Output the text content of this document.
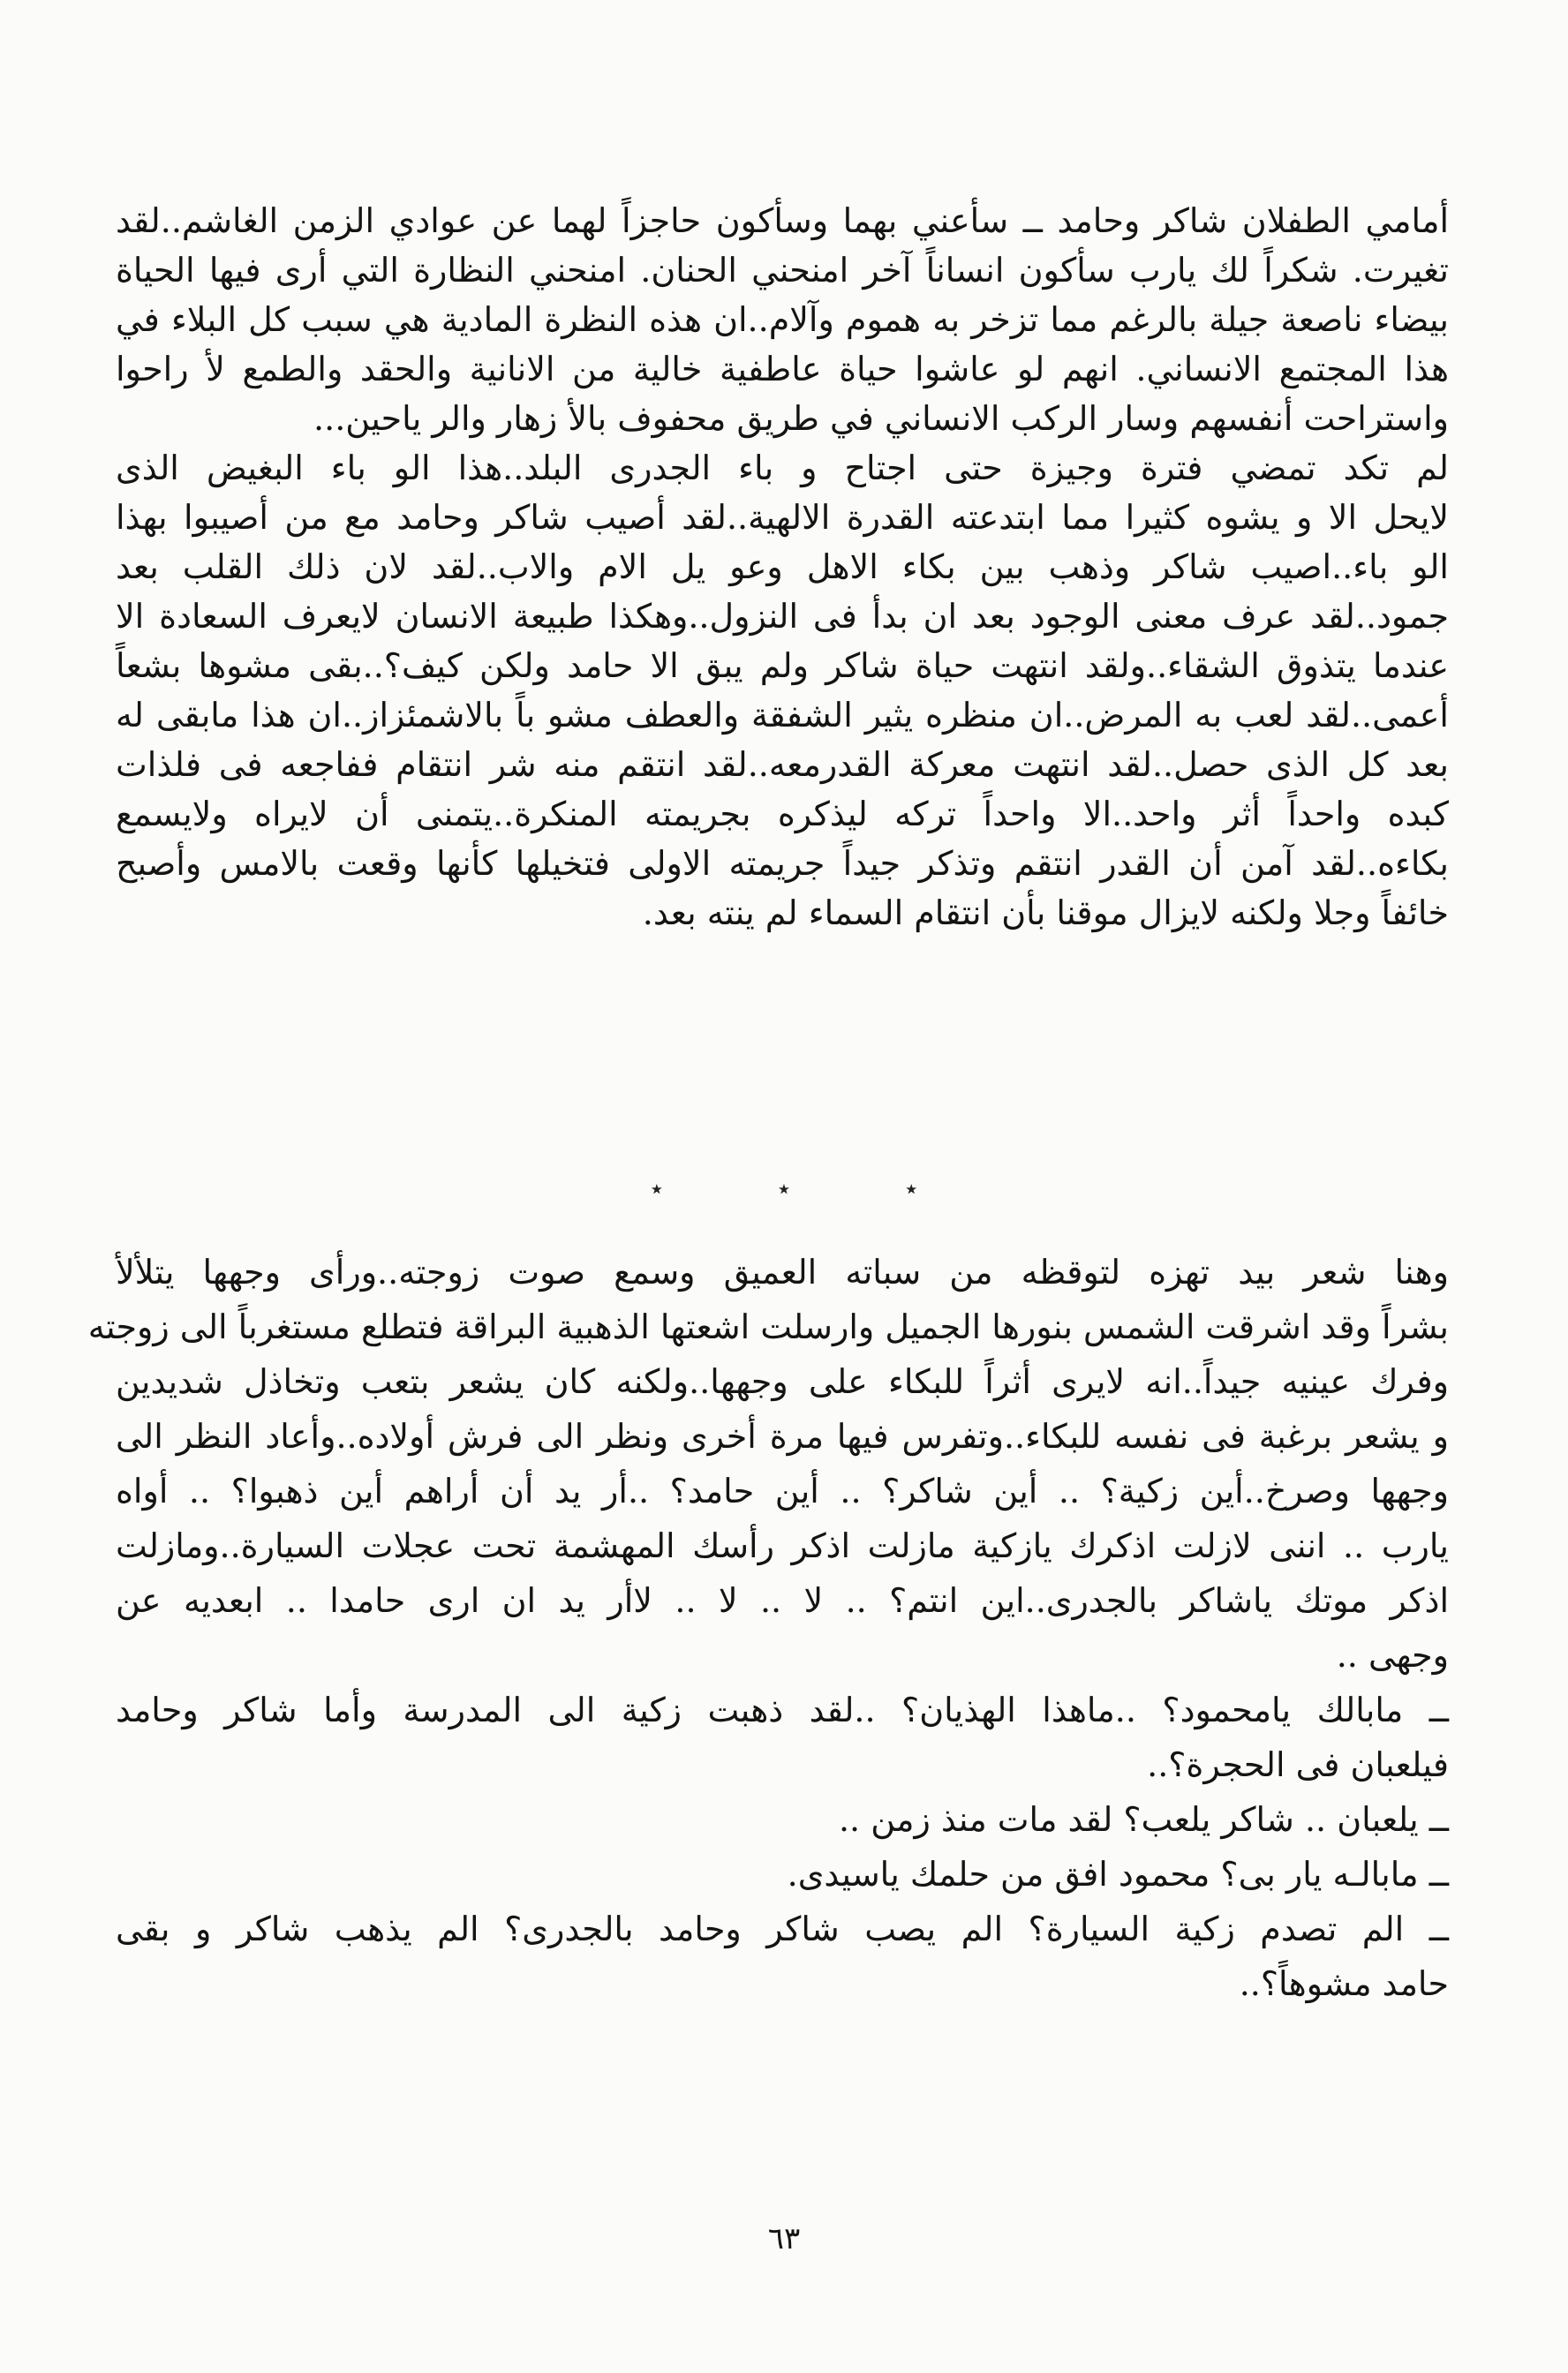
أمامي الطفلان شاكر وحامد ــ سأعني بهما وسأكون حاجزاً لهما عن عوادي الزمن الغاشم..لقد
تغيرت. شكراً لك يارب سأكون انساناً آخر امنحني الحنان. امنحني النظارة التي أرى فيها الحياة
بيضاء ناصعة جيلة بالرغم مما تزخر به هموم وآلام..ان هذه النظرة المادية هي سبب كل البلاء في
هذا المجتمع الانساني. انهم لو عاشوا حياة عاطفية خالية من الانانية والحقد والطمع لأ راحوا
واستراحت أنفسهم وسار الركب الانساني في طريق محفوف بالأ زهار والر ياحين...
لم تكد تمضي فترة وجيزة حتى اجتاح و باء الجدرى البلد..هذا الو باء البغيض الذى
لايحل الا و يشوه كثيرا مما ابتدعته القدرة الالهية..لقد أصيب شاكر وحامد مع من أصيبوا بهذا
الو باء..اصيب شاكر وذهب بين بكاء الاهل وعو يل الام والاب..لقد لان ذلك القلب بعد
جمود..لقد عرف معنى الوجود بعد ان بدأ فى النزول..وهكذا طبيعة الانسان لايعرف السعادة الا
عندما يتذوق الشقاء..ولقد انتهت حياة شاكر ولم يبق الا حامد ولكن كيف؟..بقى مشوها بشعاً
أعمى..لقد لعب به المرض..ان منظره يثير الشفقة والعطف مشو باً بالاشمئزاز..ان هذا مابقى له
بعد كل الذى حصل..لقد انتهت معركة القدرمعه..لقد انتقم منه شر انتقام ففاجعه فى فلذات
كبده واحداً أثر واحد..الا واحداً تركه ليذكره بجريمته المنكرة..يتمنى أن لايراه ولايسمع
بكاءه..لقد آمن أن القدر انتقم وتذكر جيداً جريمته الاولى فتخيلها كأنها وقعت بالامس وأصبح
خائفاً وجلا ولكنه لايزال موقنا بأن انتقام السماء لم ينته بعد.
٭
٭
٭
وهنا شعر بيد تهزه لتوقظه من سباته العميق وسمع صوت زوجته..ورأى وجهها يتلألأ
بشراً وقد اشرقت الشمس بنورها الجميل وارسلت اشعتها الذهبية البراقة فتطلع مستغرباً الى زوجته
وفرك عينيه جيداً..انه لايرى أثراً للبكاء على وجهها..ولكنه كان يشعر بتعب وتخاذل شديدين
و يشعر برغبة فى نفسه للبكاء..وتفرس فيها مرة أخرى ونظر الى فرش أولاده..وأعاد النظر الى
وجهها وصرخ..أين زكية؟ .. أين شاكر؟ .. أين حامد؟ ..أر يد أن أراهم أين ذهبوا؟ .. أواه
يارب .. اننى لازلت اذكرك يازكية مازلت اذكر رأسك المهشمة تحت عجلات السيارة..ومازلت
اذكر موتك ياشاكر بالجدرى..اين انتم؟ .. لا .. لا .. لاأر يد ان ارى حامدا .. ابعديه عن
وجهى ..
ــ مابالك يامحمود؟ ..ماهذا الهذيان؟ ..لقد ذهبت زكية الى المدرسة وأما شاكر وحامد
فيلعبان فى الحجرة؟..
ــ يلعبان .. شاكر يلعب؟ لقد مات منذ زمن ..
ــ مابالـه يار بى؟ محمود افق من حلمك ياسيدى.
ــ الم تصدم زكية السيارة؟ الم يصب شاكر وحامد بالجدرى؟ الم يذهب شاكر و بقى
حامد مشوهاً؟..
٦٣
